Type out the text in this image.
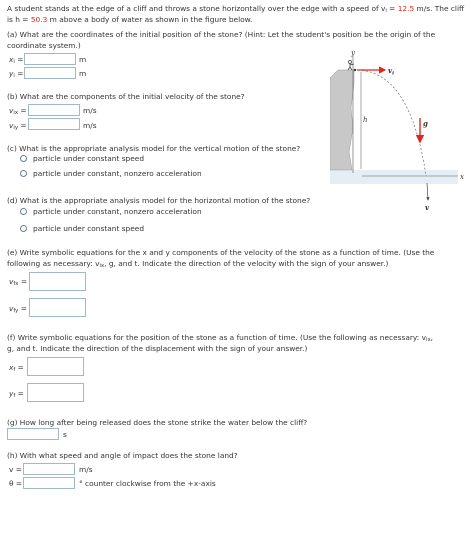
A student stands at the edge of a cliff and throws a stone horizontally over the edge with a speed of vi = 12.5 m/s. The cliff
is h = 50.3 m above a body of water as shown in the figure below.
(a) What are the coordinates of the initial position of the stone? (Hint: Let the student's position be the origin of the
coordinate system.)
xi =	m
yi =	m
(b) What are the components of the initial velocity of the stone?
vix =	m/s
viy =	m/s
(c) What is the appropriate analysis model for the vertical motion of the stone?
particle under constant speed
particle under constant, nonzero acceleration
(d) What is the appropriate analysis model for the horizontal motion of the stone?
particle under constant, nonzero acceleration
particle under constant speed
(e) Write symbolic equations for the x and y components of the velocity of the stone as a function of time. (Use the
following as necessary: vix, g, and t. Indicate the direction of the velocity with the sign of your answer.)
vfx =
vfy =
(f) Write symbolic equations for the position of the stone as a function of time. (Use the following as necessary: vix,
g, and t. Indicate the direction of the displacement with the sign of your answer.)
xf =
yf =
(g) How long after being released does the stone strike the water below the cliff?
s
(h) With what speed and angle of impact does the stone land?
v =	m/s
θ =	° counter clockwise from the +x-axis
y
h
$v_i$
g
v
x
